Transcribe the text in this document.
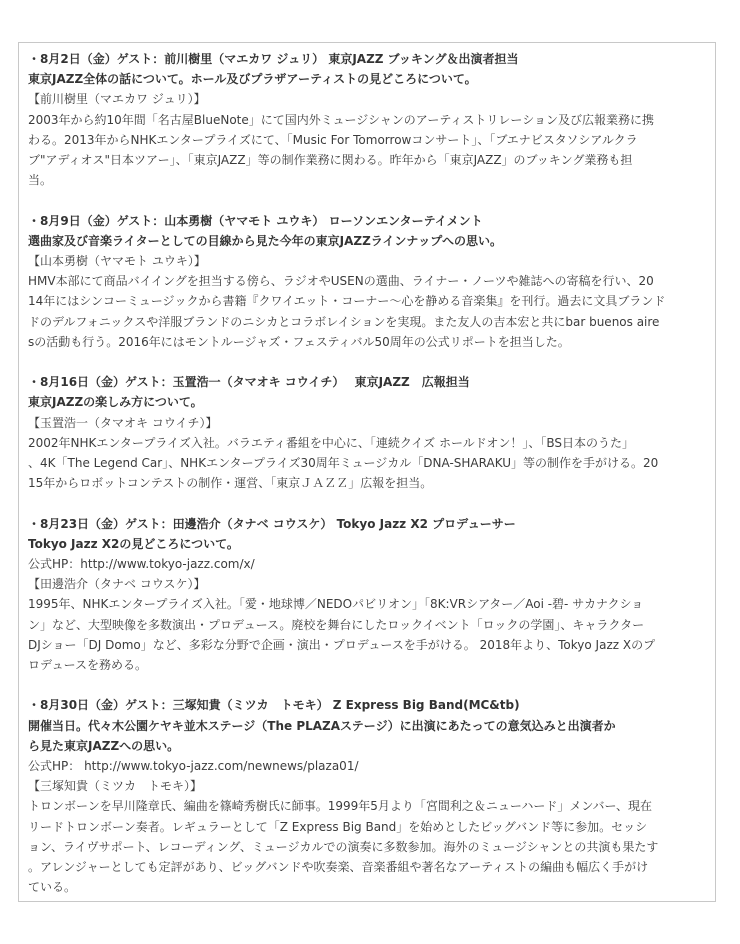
・8月2日（金）ゲスト：前川樹里（マエカワ ジュリ） 東京JAZZ ブッキング＆出演者担当
東京JAZZ全体の話について。ホール及びプラザアーティストの見どころについて。
【前川樹里（マエカワ ジュリ）】
2003年から約10年間「名古屋BlueNote」にて国内外ミュージシャンのアーティストリレーション及び広報業務に携
わる。2013年からNHKエンタープライズにて、「Music For Tomorrowコンサート」、「ブエナビスタソシアルクラ
ブ"アディオス"日本ツアー」、「東京JAZZ」等の制作業務に関わる。昨年から「東京JAZZ」のブッキング業務も担
当。
・8月9日（金）ゲスト：山本勇樹（ヤマモト ユウキ） ローソンエンターテイメント
選曲家及び音楽ライターとしての目線から見た今年の東京JAZZラインナップへの思い。
【山本勇樹（ヤマモト ユウキ）】
HMV本部にて商品バイイングを担当する傍ら、ラジオやUSENの選曲、ライナー・ノーツや雑誌への寄稿を行い、20
14年にはシンコーミュージックから書籍『クワイエット・コーナー〜心を静める音楽集』を刊行。過去に文具ブランド
ドのデルフォニックスや洋服ブランドのニシカとコラボレイションを実現。また友人の吉本宏と共にbar buenos aire
sの活動も行う。2016年にはモントルージャズ・フェスティバル50周年の公式リポートを担当した。
・8月16日（金）ゲスト：玉置浩一（タマオキ コウイチ）　 東京JAZZ　広報担当
東京JAZZの楽しみ方について。
【玉置浩一（タマオキ コウイチ）】
2002年NHKエンタープライズ入社。バラエティ番組を中心に、「連続クイズ ホールドオン！」、「BS日本のうた」
、4K「The Legend Car」、NHKエンタープライズ30周年ミュージカル「DNA-SHARAKU」等の制作を手がける。20
15年からロボットコンテストの制作・運営、「東京ＪＡＺＺ」広報を担当。
・8月23日（金）ゲスト：田邊浩介（タナベ コウスケ） Tokyo Jazz X2 プロデューサー
Tokyo Jazz X2の見どころについて。
公式HP：http://www.tokyo-jazz.com/x/
【田邊浩介（タナベ コウスケ）】
1995年、NHKエンタープライズ入社。「愛・地球博／NEDOパビリオン」「8K:VRシアター／Aoi -碧- サカナクショ
ン」など、大型映像を多数演出・プロデュース。廃校を舞台にしたロックイベント「ロックの学園」、キャラクター
DJショー「DJ Domo」など、多彩な分野で企画・演出・プロデュースを手がける。 2018年より、Tokyo Jazz Xのプ
ロデュースを務める。
・8月30日（金）ゲスト：三塚知貴（ミツカ　トモキ） Z Express Big Band(MC&tb)
開催当日。代々木公園ケヤキ並木ステージ（The PLAZAステージ）に出演にあたっての意気込みと出演者か
ら見た東京JAZZへの思い。
公式HP： http://www.tokyo-jazz.com/newnews/plaza01/
【三塚知貴（ミツカ　トモキ）】
トロンボーンを早川隆章氏、編曲を篠崎秀樹氏に師事。1999年5月より「宮間利之＆ニューハード」メンバー、現在
リードトロンボーン奏者。レギュラーとして「Z Express Big Band」を始めとしたビッグバンド等に参加。セッシ
ョン、ライヴサポート、レコーディング、ミュージカルでの演奏に多数参加。海外のミュージシャンとの共演も果たす
。アレンジャーとしても定評があり、ビッグバンドや吹奏楽、音楽番組や著名なアーティストの編曲も幅広く手がけ
ている。
